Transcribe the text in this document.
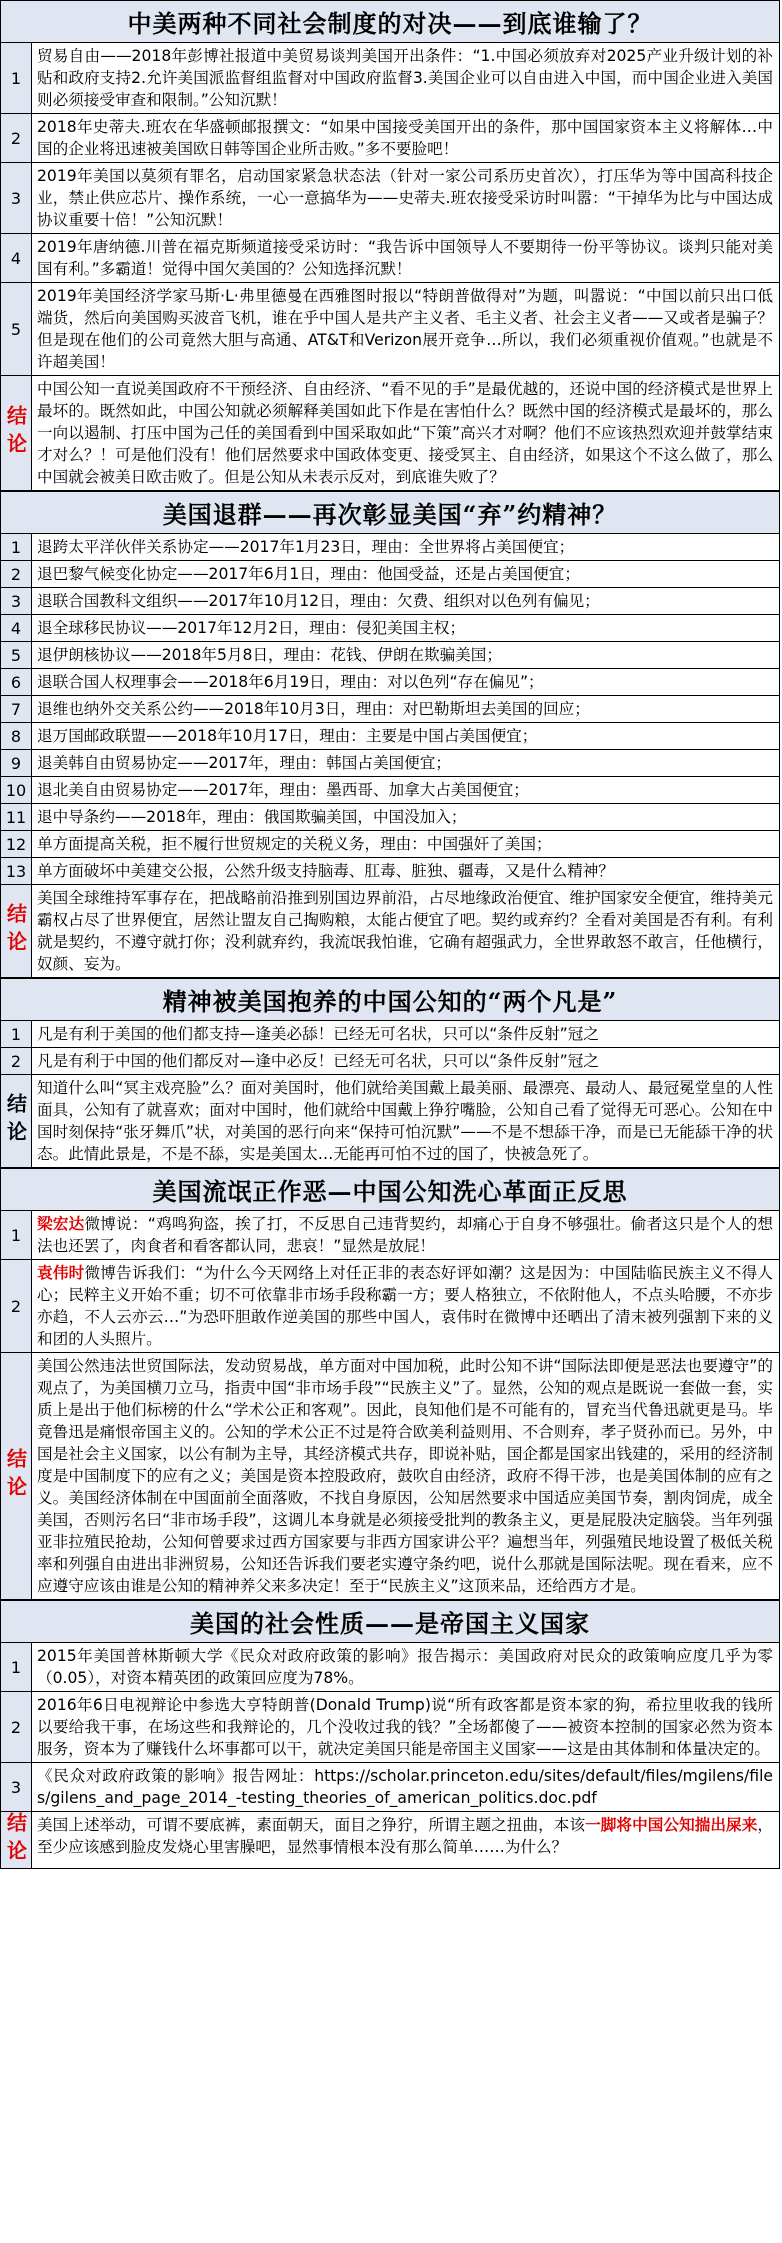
中美两种不同社会制度的对决——到底谁输了？
1
贸易自由——2018年彭博社报道中美贸易谈判美国开出条件：“1.中国必须放弃对2025产业升级计划的补贴和政府支持2.允许美国派监督组监督对中国政府监督3.美国企业可以自由进入中国，而中国企业进入美国则必须接受审查和限制。”公知沉默！
2
2018年史蒂夫.班农在华盛顿邮报撰文：“如果中国接受美国开出的条件，那中国国家资本主义将解体…中国的企业将迅速被美国欧日韩等国企业所击败。”多不要脸吧！
3
2019年美国以莫须有罪名，启动国家紧急状态法（针对一家公司系历史首次），打压华为等中国高科技企业，禁止供应芯片、操作系统，一心一意搞华为——史蒂夫.班农接受采访时叫嚣：“干掉华为比与中国达成协议重要十倍！”公知沉默！
4
2019年唐纳德.川普在福克斯频道接受采访时：“我告诉中国领导人不要期待一份平等协议。谈判只能对美国有利。”多霸道！觉得中国欠美国的？公知选择沉默！
5
2019年美国经济学家马斯·L·弗里德曼在西雅图时报以“特朗普做得对”为题，叫嚣说：“中国以前只出口低端货，然后向美国购买波音飞机，谁在乎中国人是共产主义者、毛主义者、社会主义者——又或者是骗子？但是现在他们的公司竟然大胆与高通、AT&T和Verizon展开竞争…所以，我们必须重视价值观。”也就是不许超美国！
结论
中国公知一直说美国政府不干预经济、自由经济、“看不见的手”是最优越的，还说中国的经济模式是世界上最坏的。既然如此，中国公知就必须解释美国如此下作是在害怕什么？既然中国的经济模式是最坏的，那么一向以遏制、打压中国为己任的美国看到中国采取如此“下策”高兴才对啊？他们不应该热烈欢迎并鼓掌结束才对么？！可是他们没有！他们居然要求中国政体变更、接受冥主、自由经济，如果这个不这么做了，那么中国就会被美日欧击败了。但是公知从未表示反对，到底谁失败了？
美国退群——再次彰显美国“弃”约精神？
1	退跨太平洋伙伴关系协定——2017年1月23日，理由：全世界将占美国便宜；
2	退巴黎气候变化协定——2017年6月1日，理由：他国受益，还是占美国便宜；
3	退联合国教科文组织——2017年10月12日，理由：欠费、组织对以色列有偏见；
4	退全球移民协议——2017年12月2日，理由：侵犯美国主权；
5	退伊朗核协议——2018年5月8日，理由：花钱、伊朗在欺骗美国；
6	退联合国人权理事会——2018年6月19日，理由：对以色列“存在偏见”；
7	退维也纳外交关系公约——2018年10月3日，理由：对巴勒斯坦去美国的回应；
8	退万国邮政联盟——2018年10月17日，理由：主要是中国占美国便宜；
9	退美韩自由贸易协定——2017年，理由：韩国占美国便宜；
10 退北美自由贸易协定——2017年，理由：墨西哥、加拿大占美国便宜；
11 退中导条约——2018年，理由：俄国欺骗美国，中国没加入；
12 单方面提高关税，拒不履行世贸规定的关税义务，理由：中国强奸了美国；
13 单方面破坏中美建交公报，公然升级支持脑毒、肛毒、脏独、疆毒，又是什么精神？
结论
美国全球维持军事存在，把战略前沿推到别国边界前沿，占尽地缘政治便宜、维护国家安全便宜，维持美元霸权占尽了世界便宜，居然让盟友自己掏购粮，太能占便宜了吧。契约或弃约？全看对美国是否有利。有利就是契约，不遵守就打你；没利就弃约，我流氓我怕谁，它确有超强武力，全世界敢怒不敢言，任他横行，奴颜、妄为。
精神被美国抱养的中国公知的“两个凡是”
1	凡是有利于美国的他们都支持—逢美必舔！已经无可名状，只可以“条件反射”冠之
2	凡是有利于中国的他们都反对—逢中必反！已经无可名状，只可以“条件反射”冠之
结论
知道什么叫“冥主戏亮脸”么？面对美国时，他们就给美国戴上最美丽、最漂亮、最动人、最冠冕堂皇的人性面具，公知有了就喜欢；面对中国时，他们就给中国戴上狰狞嘴脸，公知自己看了觉得无可恶心。公知在中国时刻保持“张牙舞爪”状，对美国的恶行向来“保持可怕沉默”——不是不想舔干净，而是已无能舔干净的状态。此情此景是，不是不舔，实是美国太…无能再可怕不过的国了，快被急死了。
美国流氓正作恶—中国公知洗心革面正反思
1
梁宏达微博说：“鸡鸣狗盗，挨了打，不反思自己违背契约，却痛心于自身不够强壮。偷者这只是个人的想法也还罢了，肉食者和看客都认同，悲哀！”显然是放屁！
2
袁伟时微博告诉我们：“为什么今天网络上对任正非的表态好评如潮？这是因为：中国陆临民族主义不得人心；民粹主义开始不重；切不可依靠非市场手段称霸一方；要人格独立，不依附他人，不点头哈腰，不亦步亦趋，不人云亦云…”为恐吓胆敢作逆美国的那些中国人，袁伟时在微博中还晒出了清末被列强割下来的义和团的人头照片。
结论
美国公然违法世贸国际法，发动贸易战，单方面对中国加税，此时公知不讲“国际法即便是恶法也要遵守”的观点了，为美国横刀立马，指责中国“非市场手段”“民族主义”了。显然，公知的观点是既说一套做一套，实质上是出于他们标榜的什么“学术公正和客观”。因此，良知他们是不可能有的，冒充当代鲁迅就更是马。毕竟鲁迅是痛恨帝国主义的。公知的学术公正不过是符合欧美利益则用、不合则弃，孝子贤孙而已。另外，中国是社会主义国家，以公有制为主导，其经济模式共存，即说补贴，国企都是国家出钱建的，采用的经济制度是中国制度下的应有之义；美国是资本控股政府，鼓吹自由经济，政府不得干涉，也是美国体制的应有之义。美国经济体制在中国面前全面落败，不找自身原因，公知居然要求中国适应美国节奏，割肉饲虎，成全美国，否则污名曰“非市场手段”，这调儿本身就是必须接受批判的教条主义，更是屁股决定脑袋。当年列强亚非拉殖民抢劫，公知何曾要求过西方国家要与非西方国家讲公平？遍想当年，列强殖民地设置了极低关税率和列强自由进出非洲贸易，公知还告诉我们要老实遵守条约吧，说什么那就是国际法呢。现在看来，应不应遵守应该由谁是公知的精神养父来多决定！至于“民族主义”这顶来品，还给西方才是。
美国的社会性质——是帝国主义国家
1
2015年美国普林斯顿大学《民众对政府政策的影响》报告揭示：美国政府对民众的政策响应度几乎为零（0.05），对资本精英团的政策回应度为78%。
2
2016年6日电视辩论中参选大亨特朗普(Donald Trump)说“所有政客都是资本家的狗，希拉里收我的钱所以要给我干事，在场这些和我辩论的，几个没收过我的钱？”全场都傻了——被资本控制的国家必然为资本服务，资本为了赚钱什么坏事都可以干，就决定美国只能是帝国主义国家——这是由其体制和体量决定的。
3
《民众对政府政策的影响》报告网址：https://scholar.princeton.edu/sites/default/files/mgilens/files/gilens_and_page_2014_-testing_theories_of_american_politics.doc.pdf
结论 美国上述举动，可谓不要底裤，素面朝天，面目之狰狞，所谓主题之扭曲，本该一脚将中国公知揣出屎来，至少应该感到脸皮发烧心里害臊吧，显然事情根本没有那么简单……为什么？
